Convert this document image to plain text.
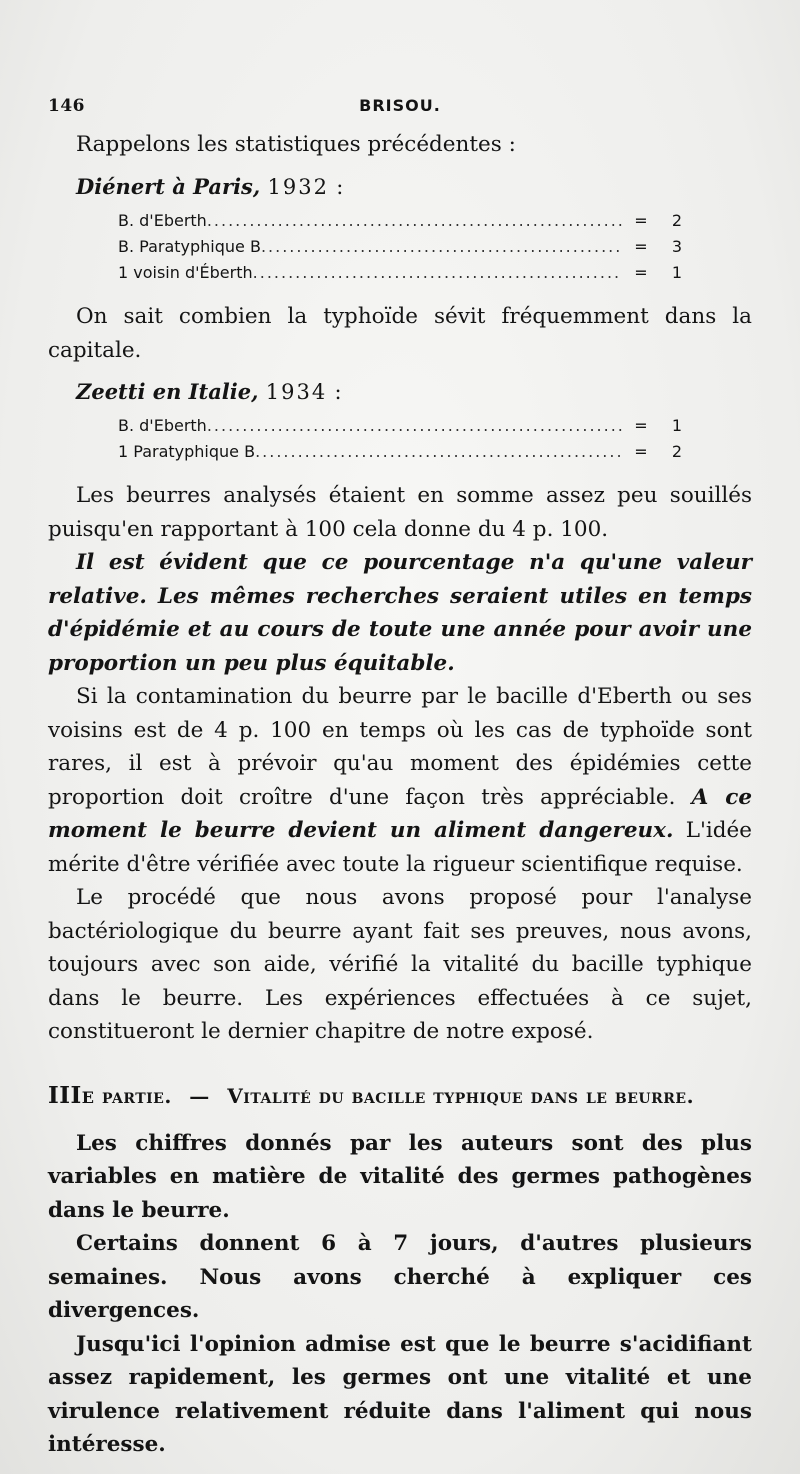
146	BRISOU.

Rappelons les statistiques précédentes :

Diénert à Paris, 1932 :
B. d'Eberth .....	=	2
B. Paratyphique B .....	=	3
1 voisin d'Éberth .....	=	1

On sait combien la typhoïde sévit fréquemment dans la capitale.

Zeetti en Italie, 1934 :
B. d'Eberth .....	=	1
1 Paratyphique B .....	=	2

Les beurres analysés étaient en somme assez peu souillés puisqu'en rapportant à 100 cela donne du 4 p. 100.

Il est évident que ce pourcentage n'a qu'une valeur relative. Les mêmes recherches seraient utiles en temps d'épidémie et au cours de toute une année pour avoir une proportion un peu plus équitable.

Si la contamination du beurre par le bacille d'Eberth ou ses voisins est de 4 p. 100 en temps où les cas de typhoïde sont rares, il est à prévoir qu'au moment des épidémies cette proportion doit croître d'une façon très appréciable. A ce moment le beurre devient un aliment dangereux. L'idée mérite d'être vérifiée avec toute la rigueur scientifique requise.

Le procédé que nous avons proposé pour l'analyse bactériologique du beurre ayant fait ses preuves, nous avons, toujours avec son aide, vérifié la vitalité du bacille typhique dans le beurre. Les expériences effectuées à ce sujet, constitueront le dernier chapitre de notre exposé.

IIIe partie. — Vitalité du bacille typhique dans le beurre.

Les chiffres donnés par les auteurs sont des plus variables en matière de vitalité des germes pathogènes dans le beurre.

Certains donnent 6 à 7 jours, d'autres plusieurs semaines. Nous avons cherché à expliquer ces divergences.

Jusqu'ici l'opinion admise est que le beurre s'acidifiant assez rapidement, les germes ont une vitalité et une virulence relativement réduite dans l'aliment qui nous intéresse.
